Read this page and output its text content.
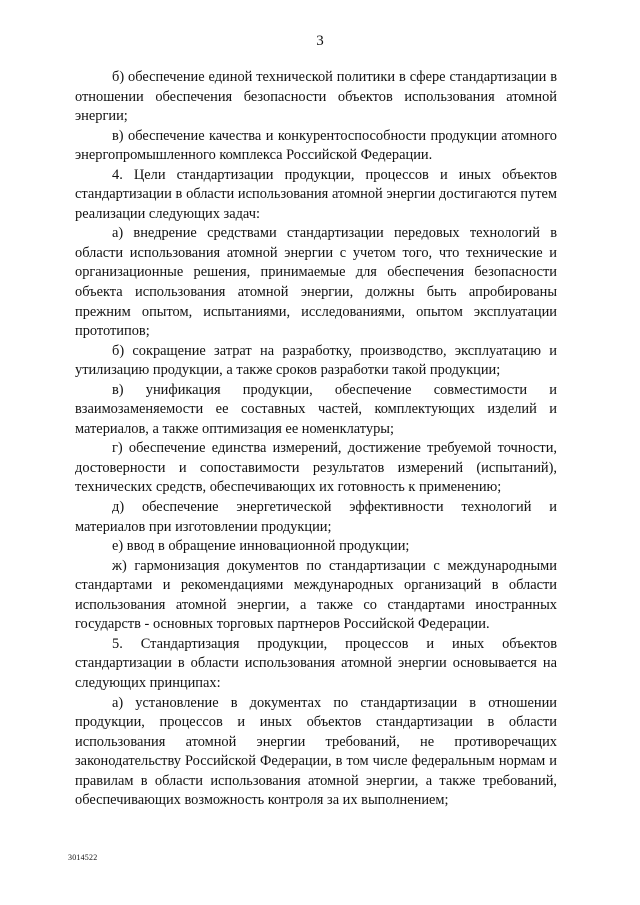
3

б) обеспечение единой технической политики в сфере стандартизации в отношении обеспечения безопасности объектов использования атомной энергии;

в) обеспечение качества и конкурентоспособности продукции атомного энергопромышленного комплекса Российской Федерации.

4. Цели стандартизации продукции, процессов и иных объектов стандартизации в области использования атомной энергии достигаются путем реализации следующих задач:

а) внедрение средствами стандартизации передовых технологий в области использования атомной энергии с учетом того, что технические и организационные решения, принимаемые для обеспечения безопасности объекта использования атомной энергии, должны быть апробированы прежним опытом, испытаниями, исследованиями, опытом эксплуатации прототипов;

б) сокращение затрат на разработку, производство, эксплуатацию и утилизацию продукции, а также сроков разработки такой продукции;

в) унификация продукции, обеспечение совместимости и взаимозаменяемости ее составных частей, комплектующих изделий и материалов, а также оптимизация ее номенклатуры;

г) обеспечение единства измерений, достижение требуемой точности, достоверности и сопоставимости результатов измерений (испытаний), технических средств, обеспечивающих их готовность к применению;

д) обеспечение энергетической эффективности технологий и материалов при изготовлении продукции;

е) ввод в обращение инновационной продукции;

ж) гармонизация документов по стандартизации с международными стандартами и рекомендациями международных организаций в области использования атомной энергии, а также со стандартами иностранных государств - основных торговых партнеров Российской Федерации.

5. Стандартизация продукции, процессов и иных объектов стандартизации в области использования атомной энергии основывается на следующих принципах:

а) установление в документах по стандартизации в отношении продукции, процессов и иных объектов стандартизации в области использования атомной энергии требований, не противоречащих законодательству Российской Федерации, в том числе федеральным нормам и правилам в области использования атомной энергии, а также требований, обеспечивающих возможность контроля за их выполнением;

3014522
